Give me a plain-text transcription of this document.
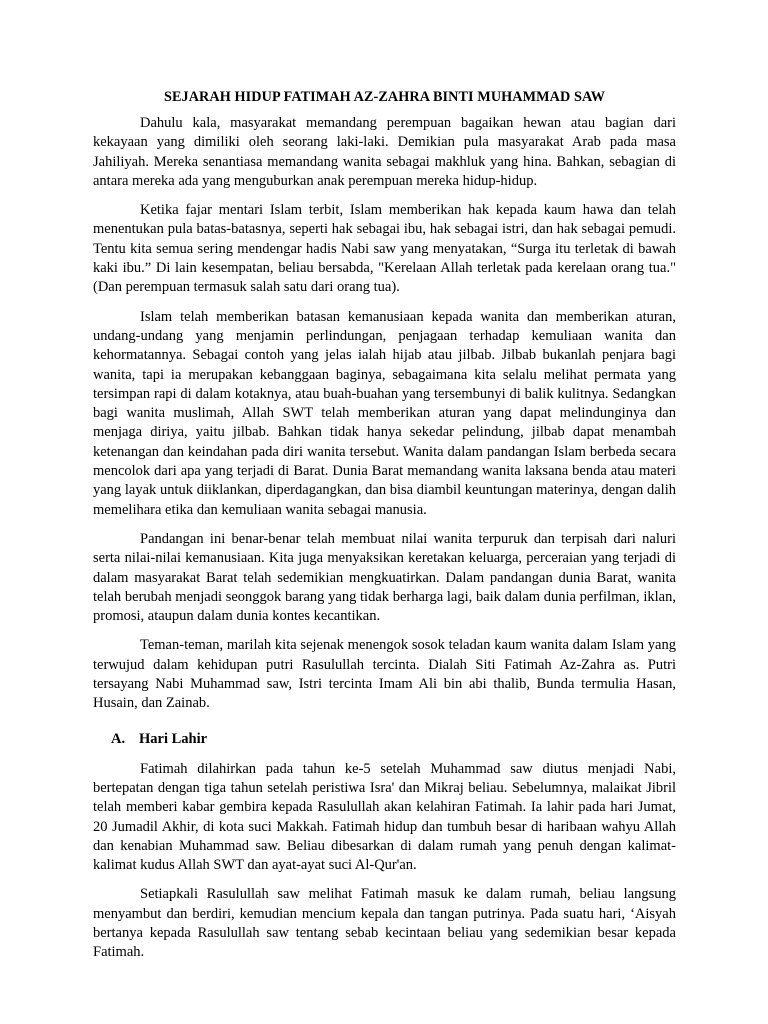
SEJARAH HIDUP FATIMAH AZ-ZAHRA BINTI MUHAMMAD SAW

Dahulu kala, masyarakat memandang perempuan bagaikan hewan atau bagian dari kekayaan yang dimiliki oleh seorang laki-laki. Demikian pula masyarakat Arab pada masa Jahiliyah. Mereka senantiasa memandang wanita sebagai makhluk yang hina. Bahkan, sebagian di antara mereka ada yang menguburkan anak perempuan mereka hidup-hidup.

Ketika fajar mentari Islam terbit, Islam memberikan hak kepada kaum hawa dan telah menentukan pula batas-batasnya, seperti hak sebagai ibu, hak sebagai istri, dan hak sebagai pemudi. Tentu kita semua sering mendengar hadis Nabi saw yang menyatakan, “Surga itu terletak di bawah kaki ibu.” Di lain kesempatan, beliau bersabda, "Kerelaan Allah terletak pada kerelaan orang tua." (Dan perempuan termasuk salah satu dari orang tua).

Islam telah memberikan batasan kemanusiaan kepada wanita dan memberikan aturan, undang-undang yang menjamin perlindungan, penjagaan terhadap kemuliaan wanita dan kehormatannya. Sebagai contoh yang jelas ialah hijab atau jilbab. Jilbab bukanlah penjara bagi wanita, tapi ia merupakan kebanggaan baginya, sebagaimana kita selalu melihat permata yang tersimpan rapi di dalam kotaknya, atau buah-buahan yang tersembunyi di balik kulitnya. Sedangkan bagi wanita muslimah, Allah SWT telah memberikan aturan yang dapat melindunginya dan menjaga diriya, yaitu jilbab. Bahkan tidak hanya sekedar pelindung, jilbab dapat menambah ketenangan dan keindahan pada diri wanita tersebut. Wanita dalam pandangan Islam berbeda secara mencolok dari apa yang terjadi di Barat. Dunia Barat memandang wanita laksana benda atau materi yang layak untuk diiklankan, diperdagangkan, dan bisa diambil keuntungan materinya, dengan dalih memelihara etika dan kemuliaan wanita sebagai manusia.

Pandangan ini benar-benar telah membuat nilai wanita terpuruk dan terpisah dari naluri serta nilai-nilai kemanusiaan. Kita juga menyaksikan keretakan keluarga, perceraian yang terjadi di dalam masyarakat Barat telah sedemikian mengkuatirkan. Dalam pandangan dunia Barat, wanita telah berubah menjadi seonggok barang yang tidak berharga lagi, baik dalam dunia perfilman, iklan, promosi, ataupun dalam dunia kontes kecantikan.

Teman-teman, marilah kita sejenak menengok sosok teladan kaum wanita dalam Islam yang terwujud dalam kehidupan putri Rasulullah tercinta. Dialah Siti Fatimah Az-Zahra as. Putri tersayang Nabi Muhammad saw, Istri tercinta Imam Ali bin abi thalib, Bunda termulia Hasan, Husain, dan Zainab.

A. Hari Lahir

Fatimah dilahirkan pada tahun ke-5 setelah Muhammad saw diutus menjadi Nabi, bertepatan dengan tiga tahun setelah peristiwa Isra' dan Mikraj beliau. Sebelumnya, malaikat Jibril telah memberi kabar gembira kepada Rasulullah akan kelahiran Fatimah. Ia lahir pada hari Jumat, 20 Jumadil Akhir, di kota suci Makkah. Fatimah hidup dan tumbuh besar di haribaan wahyu Allah dan kenabian Muhammad saw. Beliau dibesarkan di dalam rumah yang penuh dengan kalimat-kalimat kudus Allah SWT dan ayat-ayat suci Al-Qur'an.

Setiapkali Rasulullah saw melihat Fatimah masuk ke dalam rumah, beliau langsung menyambut dan berdiri, kemudian mencium kepala dan tangan putrinya. Pada suatu hari, ‘Aisyah bertanya kepada Rasulullah saw tentang sebab kecintaan beliau yang sedemikian besar kepada Fatimah.
